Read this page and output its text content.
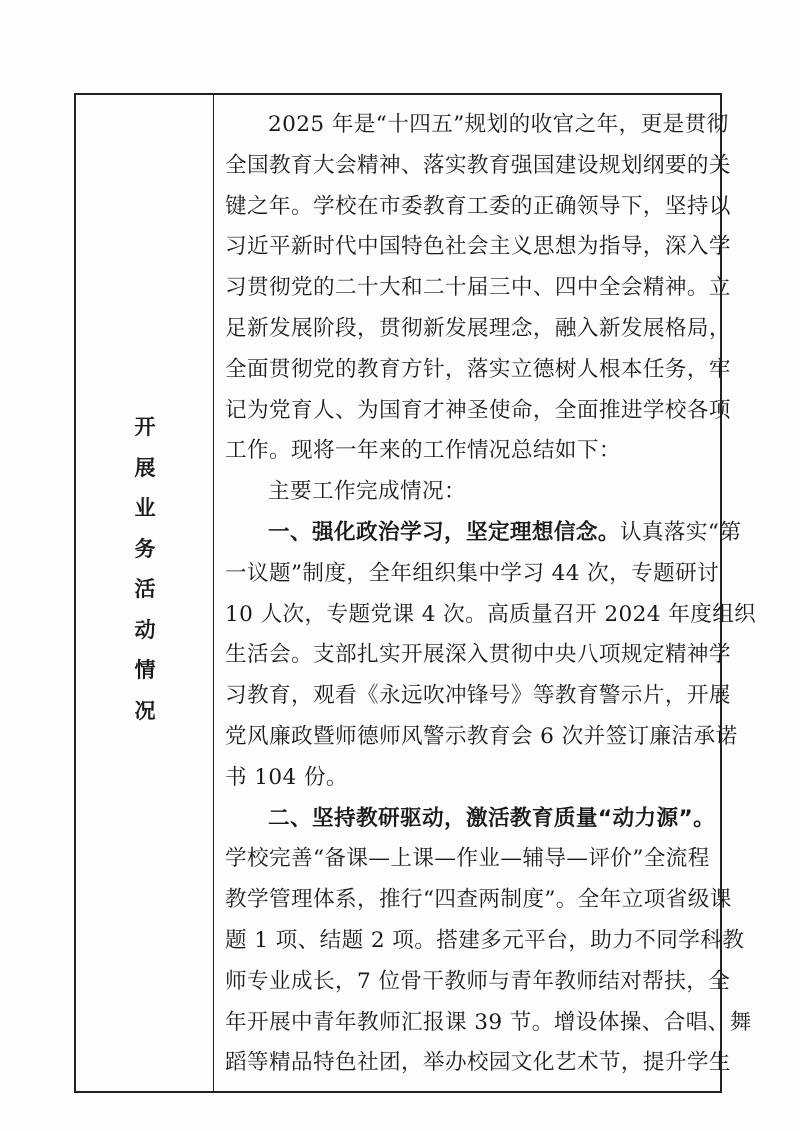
开
展
业
务
活
动
情
况
2025 年是“十四五”规划的收官之年，更是贯彻
全国教育大会精神、落实教育强国建设规划纲要的关
键之年。学校在市委教育工委的正确领导下，坚持以
习近平新时代中国特色社会主义思想为指导，深入学
习贯彻党的二十大和二十届三中、四中全会精神。立
足新发展阶段，贯彻新发展理念，融入新发展格局，
全面贯彻党的教育方针，落实立德树人根本任务，牢
记为党育人、为国育才神圣使命，全面推进学校各项
工作。现将一年来的工作情况总结如下：
主要工作完成情况：
一、强化政治学习，坚定理想信念。认真落实“第
一议题”制度，全年组织集中学习 44 次，专题研讨
10 人次，专题党课 4 次。高质量召开 2024 年度组织
生活会。支部扎实开展深入贯彻中央八项规定精神学
习教育，观看《永远吹冲锋号》等教育警示片，开展
党风廉政暨师德师风警示教育会 6 次并签订廉洁承诺
书 104 份。
二、坚持教研驱动，激活教育质量“动力源”。
学校完善“备课—上课—作业—辅导—评价”全流程
教学管理体系，推行“四查两制度”。全年立项省级课
题 1 项、结题 2 项。搭建多元平台，助力不同学科教
师专业成长，7 位骨干教师与青年教师结对帮扶，全
年开展中青年教师汇报课 39 节。增设体操、合唱、舞
蹈等精品特色社团，举办校园文化艺术节，提升学生
